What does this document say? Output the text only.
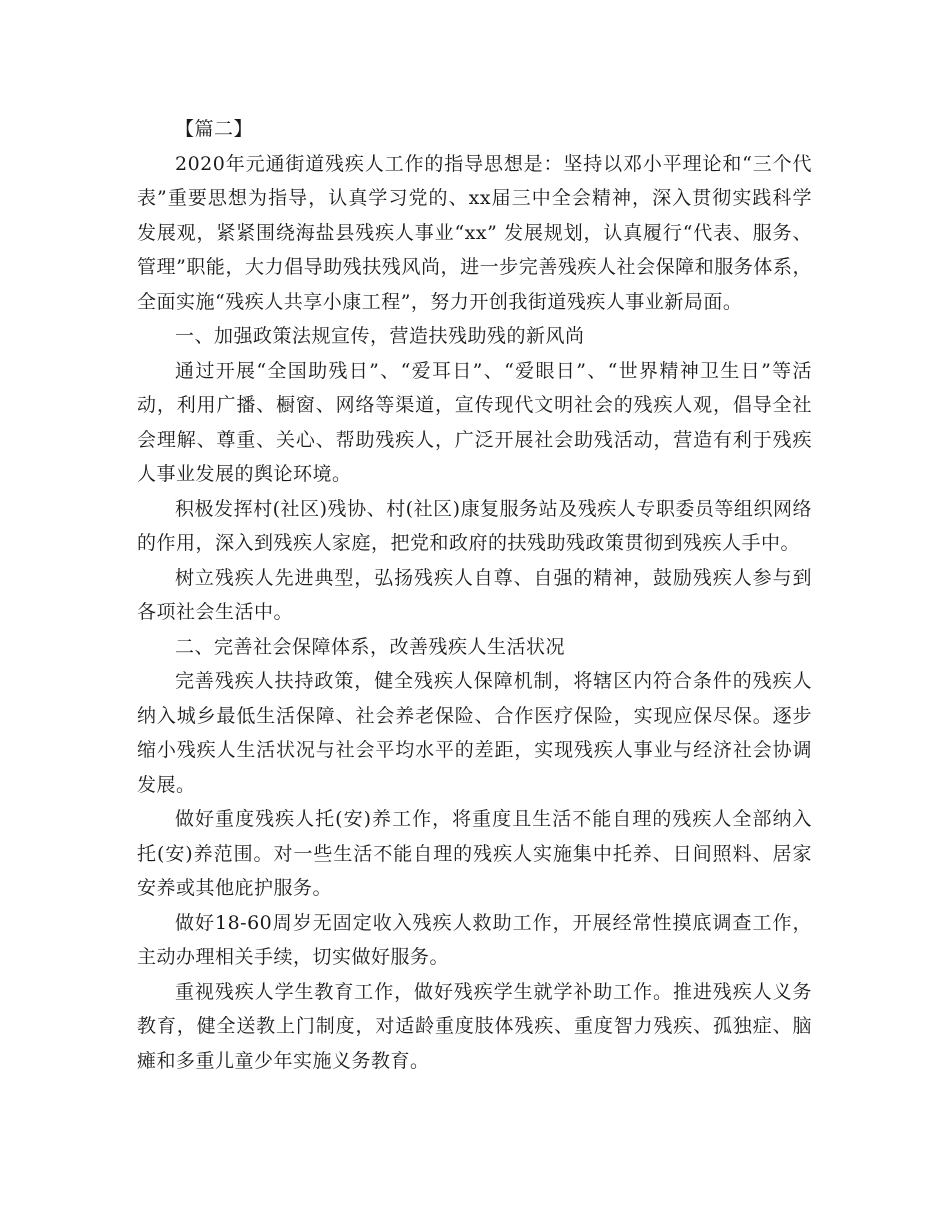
【篇二】

2020年元通街道残疾人工作的指导思想是：坚持以邓小平理论和“三个代表”重要思想为指导，认真学习党的、xx届三中全会精神，深入贯彻实践科学发展观，紧紧围绕海盐县残疾人事业“xx” 发展规划，认真履行“代表、服务、管理”职能，大力倡导助残扶残风尚，进一步完善残疾人社会保障和服务体系，全面实施“残疾人共享小康工程”，努力开创我街道残疾人事业新局面。

一、加强政策法规宣传，营造扶残助残的新风尚

通过开展“全国助残日”、“爱耳日”、“爱眼日”、“世界精神卫生日”等活动，利用广播、橱窗、网络等渠道，宣传现代文明社会的残疾人观，倡导全社会理解、尊重、关心、帮助残疾人，广泛开展社会助残活动，营造有利于残疾人事业发展的舆论环境。

积极发挥村(社区)残协、村(社区)康复服务站及残疾人专职委员等组织网络的作用，深入到残疾人家庭，把党和政府的扶残助残政策贯彻到残疾人手中。

树立残疾人先进典型，弘扬残疾人自尊、自强的精神，鼓励残疾人参与到各项社会生活中。

二、完善社会保障体系，改善残疾人生活状况

完善残疾人扶持政策，健全残疾人保障机制，将辖区内符合条件的残疾人纳入城乡最低生活保障、社会养老保险、合作医疗保险，实现应保尽保。逐步缩小残疾人生活状况与社会平均水平的差距，实现残疾人事业与经济社会协调发展。

做好重度残疾人托(安)养工作，将重度且生活不能自理的残疾人全部纳入托(安)养范围。对一些生活不能自理的残疾人实施集中托养、日间照料、居家安养或其他庇护服务。

做好18-60周岁无固定收入残疾人救助工作，开展经常性摸底调查工作，主动办理相关手续，切实做好服务。

重视残疾人学生教育工作，做好残疾学生就学补助工作。推进残疾人义务教育，健全送教上门制度，对适龄重度肢体残疾、重度智力残疾、孤独症、脑瘫和多重儿童少年实施义务教育。
